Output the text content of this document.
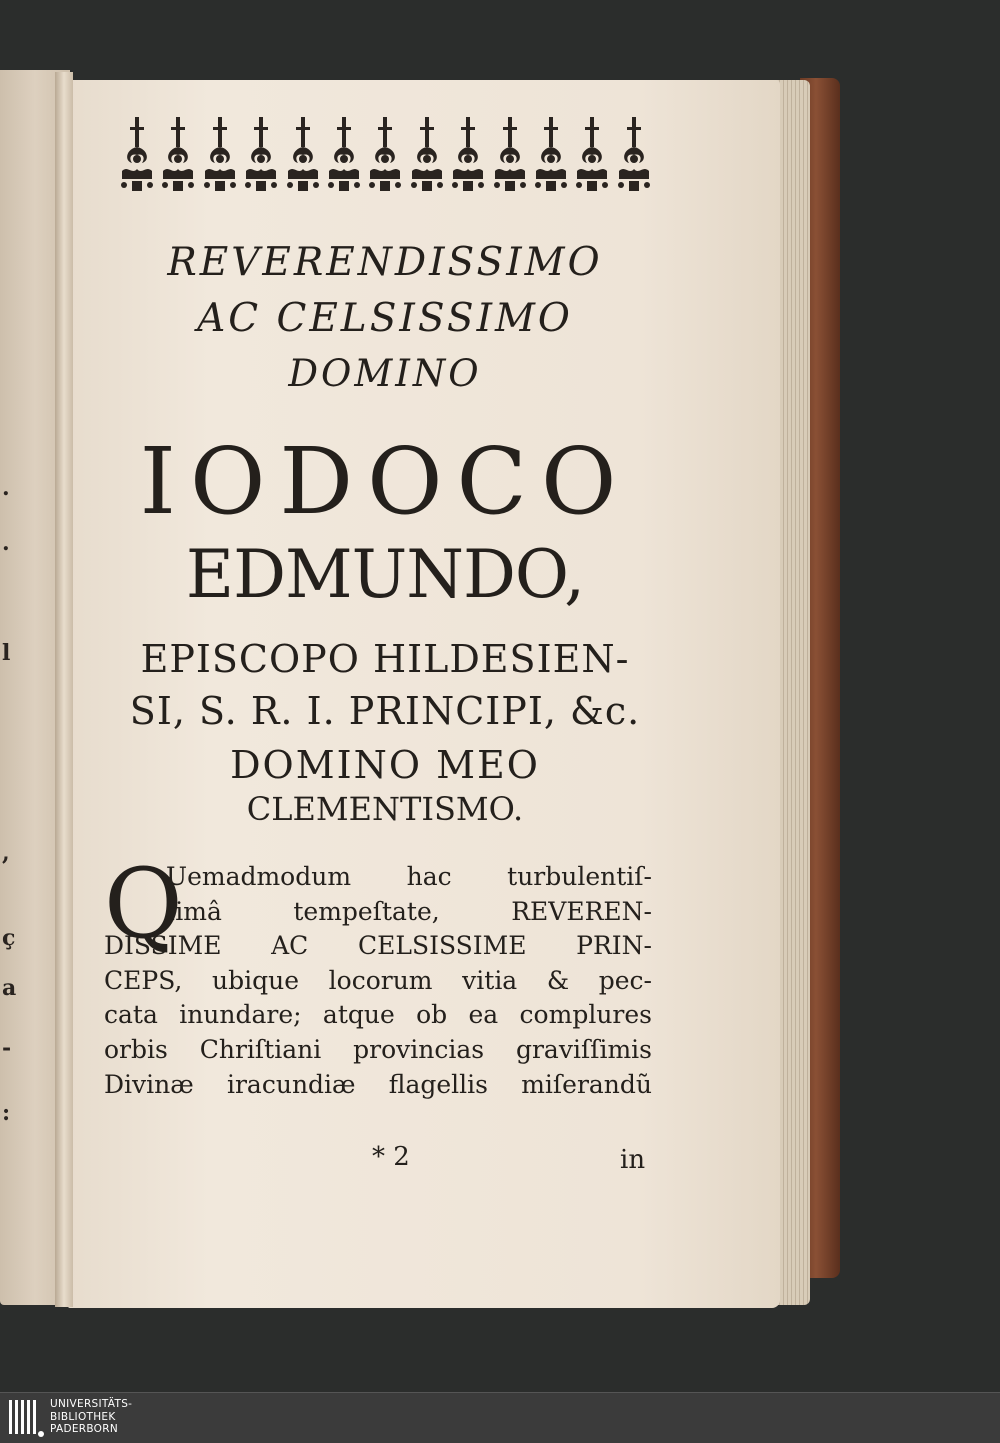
.
.
l
,
ç
a
-
:
REVERENDISSIMO
AC CELSISSIMO
DOMINO
IODOCO
EDMUNDO,
EPISCOPO HILDESIEN-
SI, S. R. I. PRINCIPI, &c.
DOMINO MEO
CLEMENTISMO.
Q
Uemadmodum hac turbulentiſ-
ſimâ tempeſtate, REVEREN-
DISSIME AC CELSISSIME PRIN-
CEPS, ubique locorum vitia & pec-
cata inundare; atque ob ea complures
orbis Chriſtiani provincias graviſſimis
Divinæ iracundiæ flagellis miſerandũ
* 2	in
UNIVERSITÄTS-
BIBLIOTHEK
PADERBORN
